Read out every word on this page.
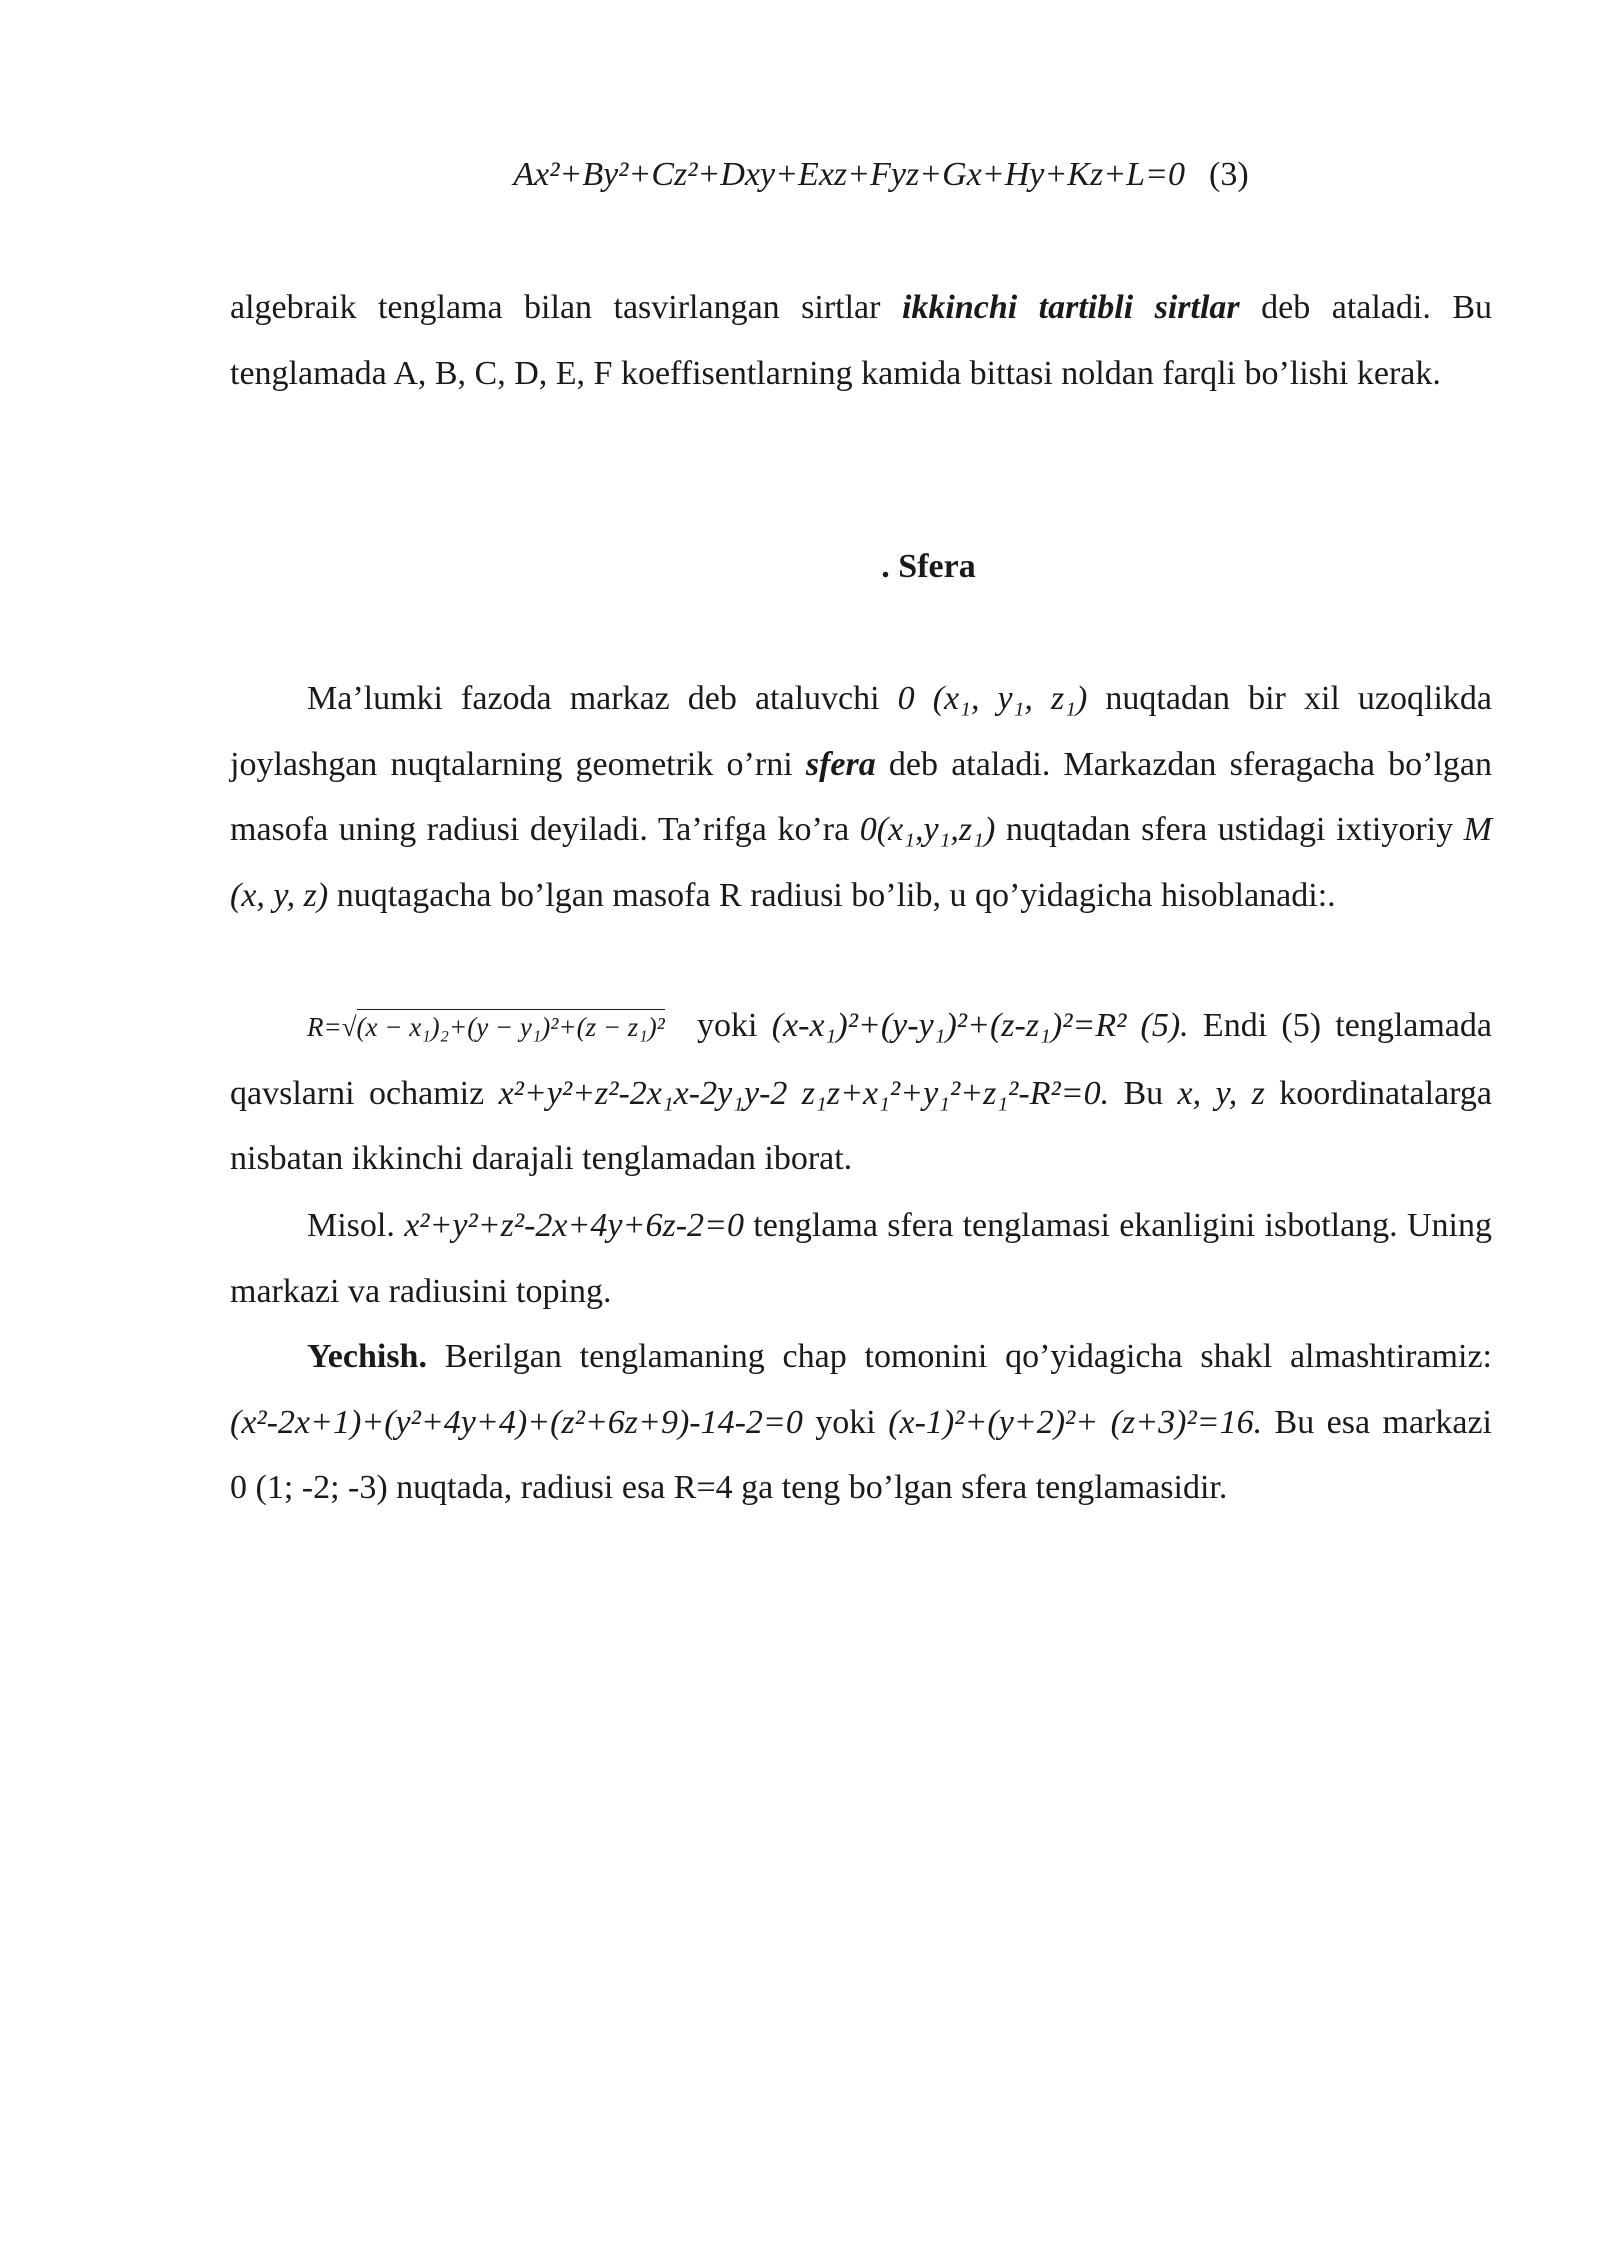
Ax²+By²+Cz²+Dxy+Exz+Fyz+Gx+Hy+Kz+L=0 (3)

algebraik tenglama bilan tasvirlangan sirtlar ikkinchi tartibli sirtlar deb ataladi. Bu tenglamada A, B, C, D, E, F koeffisentlarning kamida bittasi noldan farqli bo’lishi kerak.

. Sfera

Ma’lumki fazoda markaz deb ataluvchi 0 (x₁, y₁, z₁) nuqtadan bir xil uzoqlikda joylashgan nuqtalarning geometrik o’rni sfera deb ataladi. Markazdan sferagacha bo’lgan masofa uning radiusi deyiladi. Ta’rifga ko’ra 0(x₁,y₁,z₁) nuqtadan sfera ustidagi ixtiyoriy M (x, y, z) nuqtagacha bo’lgan masofa R radiusi bo’lib, u qo’yidagicha hisoblanadi:.

R=√(x − x₁)₂+(y − y₁)²+(z − z₁)² yoki (x-x₁)²+(y-y₁)²+(z-z₁)²=R² (5). Endi (5) tenglamada qavslarni ochamiz x²+y²+z²-2x₁x-2y₁y-2 z₁z+x₁²+y₁²+z₁²-R²=0. Bu x, y, z koordinatalarga nisbatan ikkinchi darajali tenglamadan iborat.

Misol. x²+y²+z²-2x+4y+6z-2=0 tenglama sfera tenglamasi ekanligini isbotlang. Uning markazi va radiusini toping.

Yechish. Berilgan tenglamaning chap tomonini qo’yidagicha shakl almashtiramiz: (x²-2x+1)+(y²+4y+4)+(z²+6z+9)-14-2=0 yoki (x-1)²+(y+2)²+ (z+3)²=16. Bu esa markazi 0 (1; -2; -3) nuqtada, radiusi esa R=4 ga teng bo’lgan sfera tenglamasidir.
